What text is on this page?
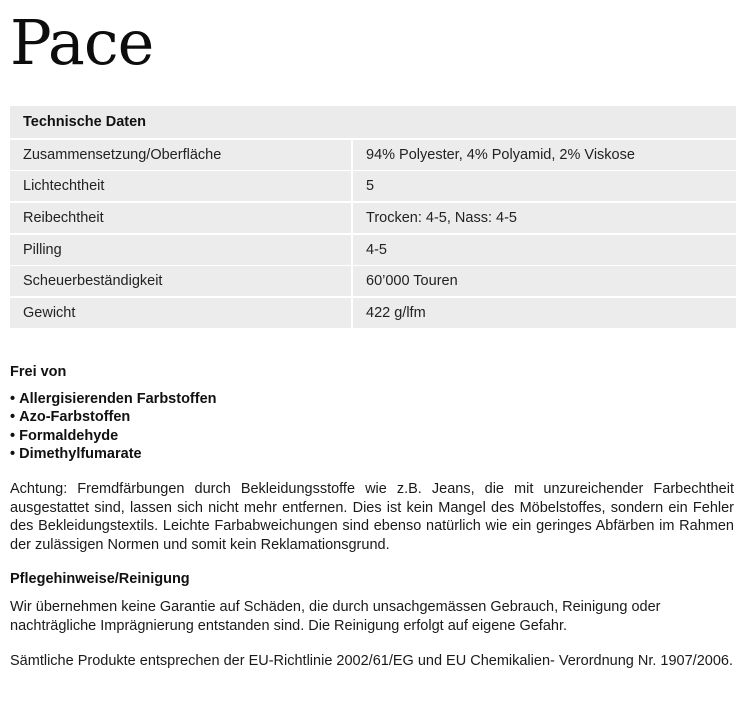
Pace
Technische Daten
Zusammensetzung/Oberfläche	94% Polyester, 4% Polyamid, 2% Viskose
Lichtechtheit	5
Reibechtheit	Trocken: 4-5, Nass: 4-5
Pilling	4-5
Scheuerbeständigkeit	60’000 Touren
Gewicht	422 g/lfm

Frei von

• Allergisierenden Farbstoffen
• Azo-Farbstoffen
• Formaldehyde
• Dimethylfumarate

Achtung: Fremdfärbungen durch Bekleidungsstoffe wie z.B. Jeans, die mit unzureichender Farbechtheit ausgestattet sind, lassen sich nicht mehr entfernen. Dies ist kein Mangel des Möbelstoffes, sondern ein Fehler des Bekleidungstextils. Leichte Farbabweichungen sind ebenso natürlich wie ein geringes Abfärben im Rahmen der zulässigen Normen und somit kein Reklamationsgrund.

Pflegehinweise/Reinigung

Wir übernehmen keine Garantie auf Schäden, die durch unsachgemässen Gebrauch, Reinigung oder nachträgliche Imprägnierung entstanden sind. Die Reinigung erfolgt auf eigene Gefahr.

Sämtliche Produkte entsprechen der EU-Richtlinie 2002/61/EG und EU Chemikalien- Verordnung Nr. 1907/2006.
